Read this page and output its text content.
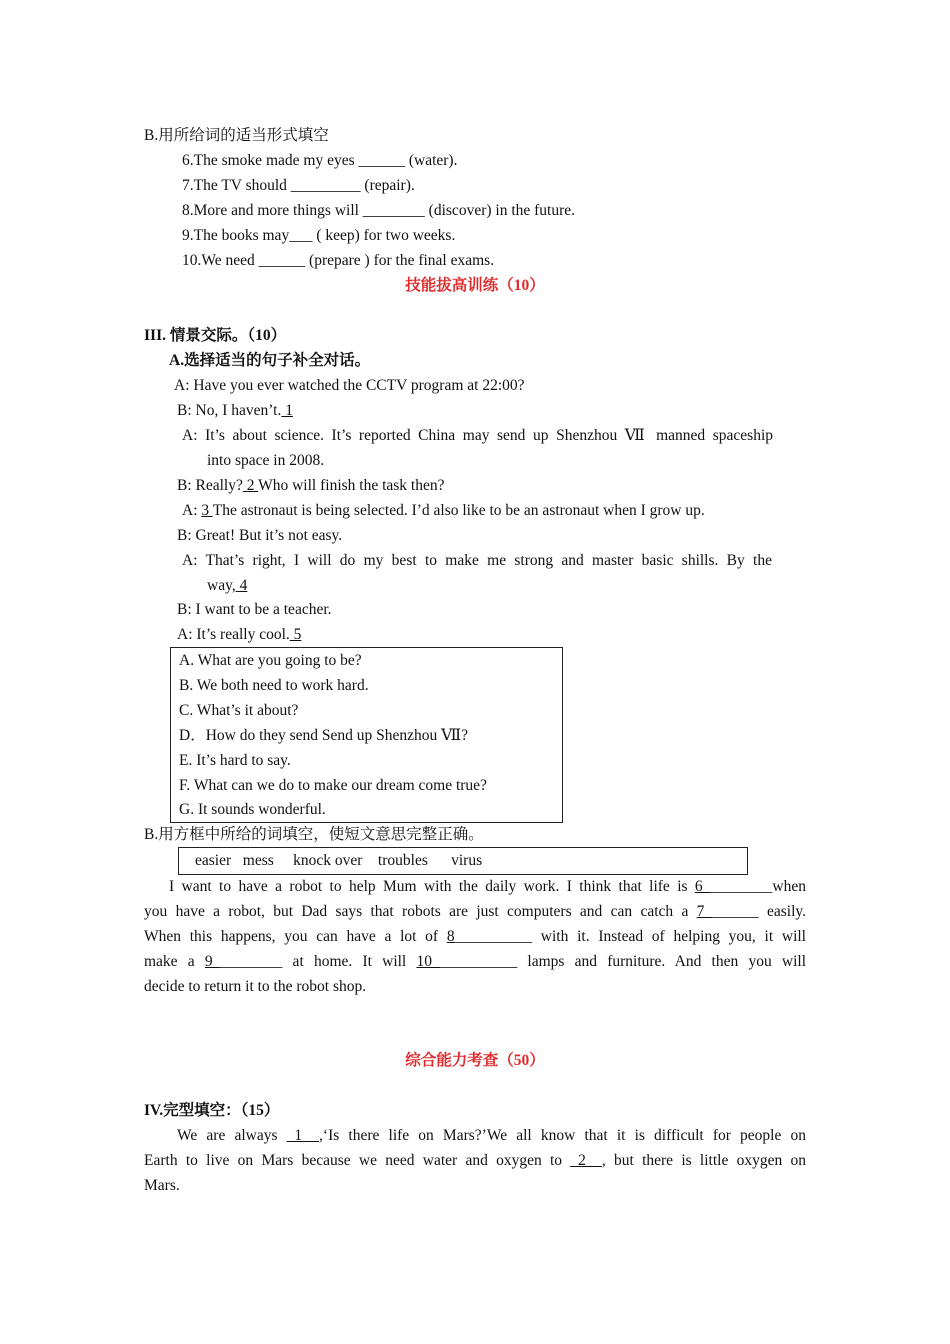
B.用所给词的适当形式填空
6.The smoke made my eyes ______ (water).
7.The TV should _________ (repair).
8.More and more things will ________ (discover) in the future.
9.The books may___ ( keep) for two weeks.
10.We need ______ (prepare ) for the final exams.
技能拔高训练（10）
III. 情景交际。（10）
A.选择适当的句子补全对话。
A: Have you ever watched the CCTV program at 22:00?
B: No, I haven’t. 1
A: It’s about science. It’s reported China may send up Shenzhou Ⅶ manned spaceship
into space in 2008.
B: Really? 2 Who will finish the task then?
A: 3 The astronaut is being selected. I’d also like to be an astronaut when I grow up.
B: Great! But it’s not easy.
A: That’s right, I will do my best to make me strong and master basic shills. By the
way, 4
B: I want to be a teacher.
A: It’s really cool. 5
A. What are you going to be?
B. We both need to work hard.
C. What’s it about?
D．How do they send Send up Shenzhou Ⅶ?
E. It’s hard to say.
F. What can we do to make our dream come true?
G. It sounds wonderful.
B.用方框中所给的词填空，使短文意思完整正确。
easier   mess     knock over    troubles      virus
I want to have a robot to help Mum with the daily work. I think that life is 6_________when
you have a robot, but Dad says that robots are just computers and can catch a 7_______ easily.
When this happens, you can have a lot of 8__________ with it. Instead of helping you, it will
make a 9_________ at home. It will 10___________ lamps and furniture. And then you will
decide to return it to the robot shop.
综合能力考查（50）
IV.完型填空：（15）
We are always _1_ ,‘Is there life on Mars?’We all know that it is difficult for people on
Earth to live on Mars because we need water and oxygen to _2_ , but there is little oxygen on
Mars.
